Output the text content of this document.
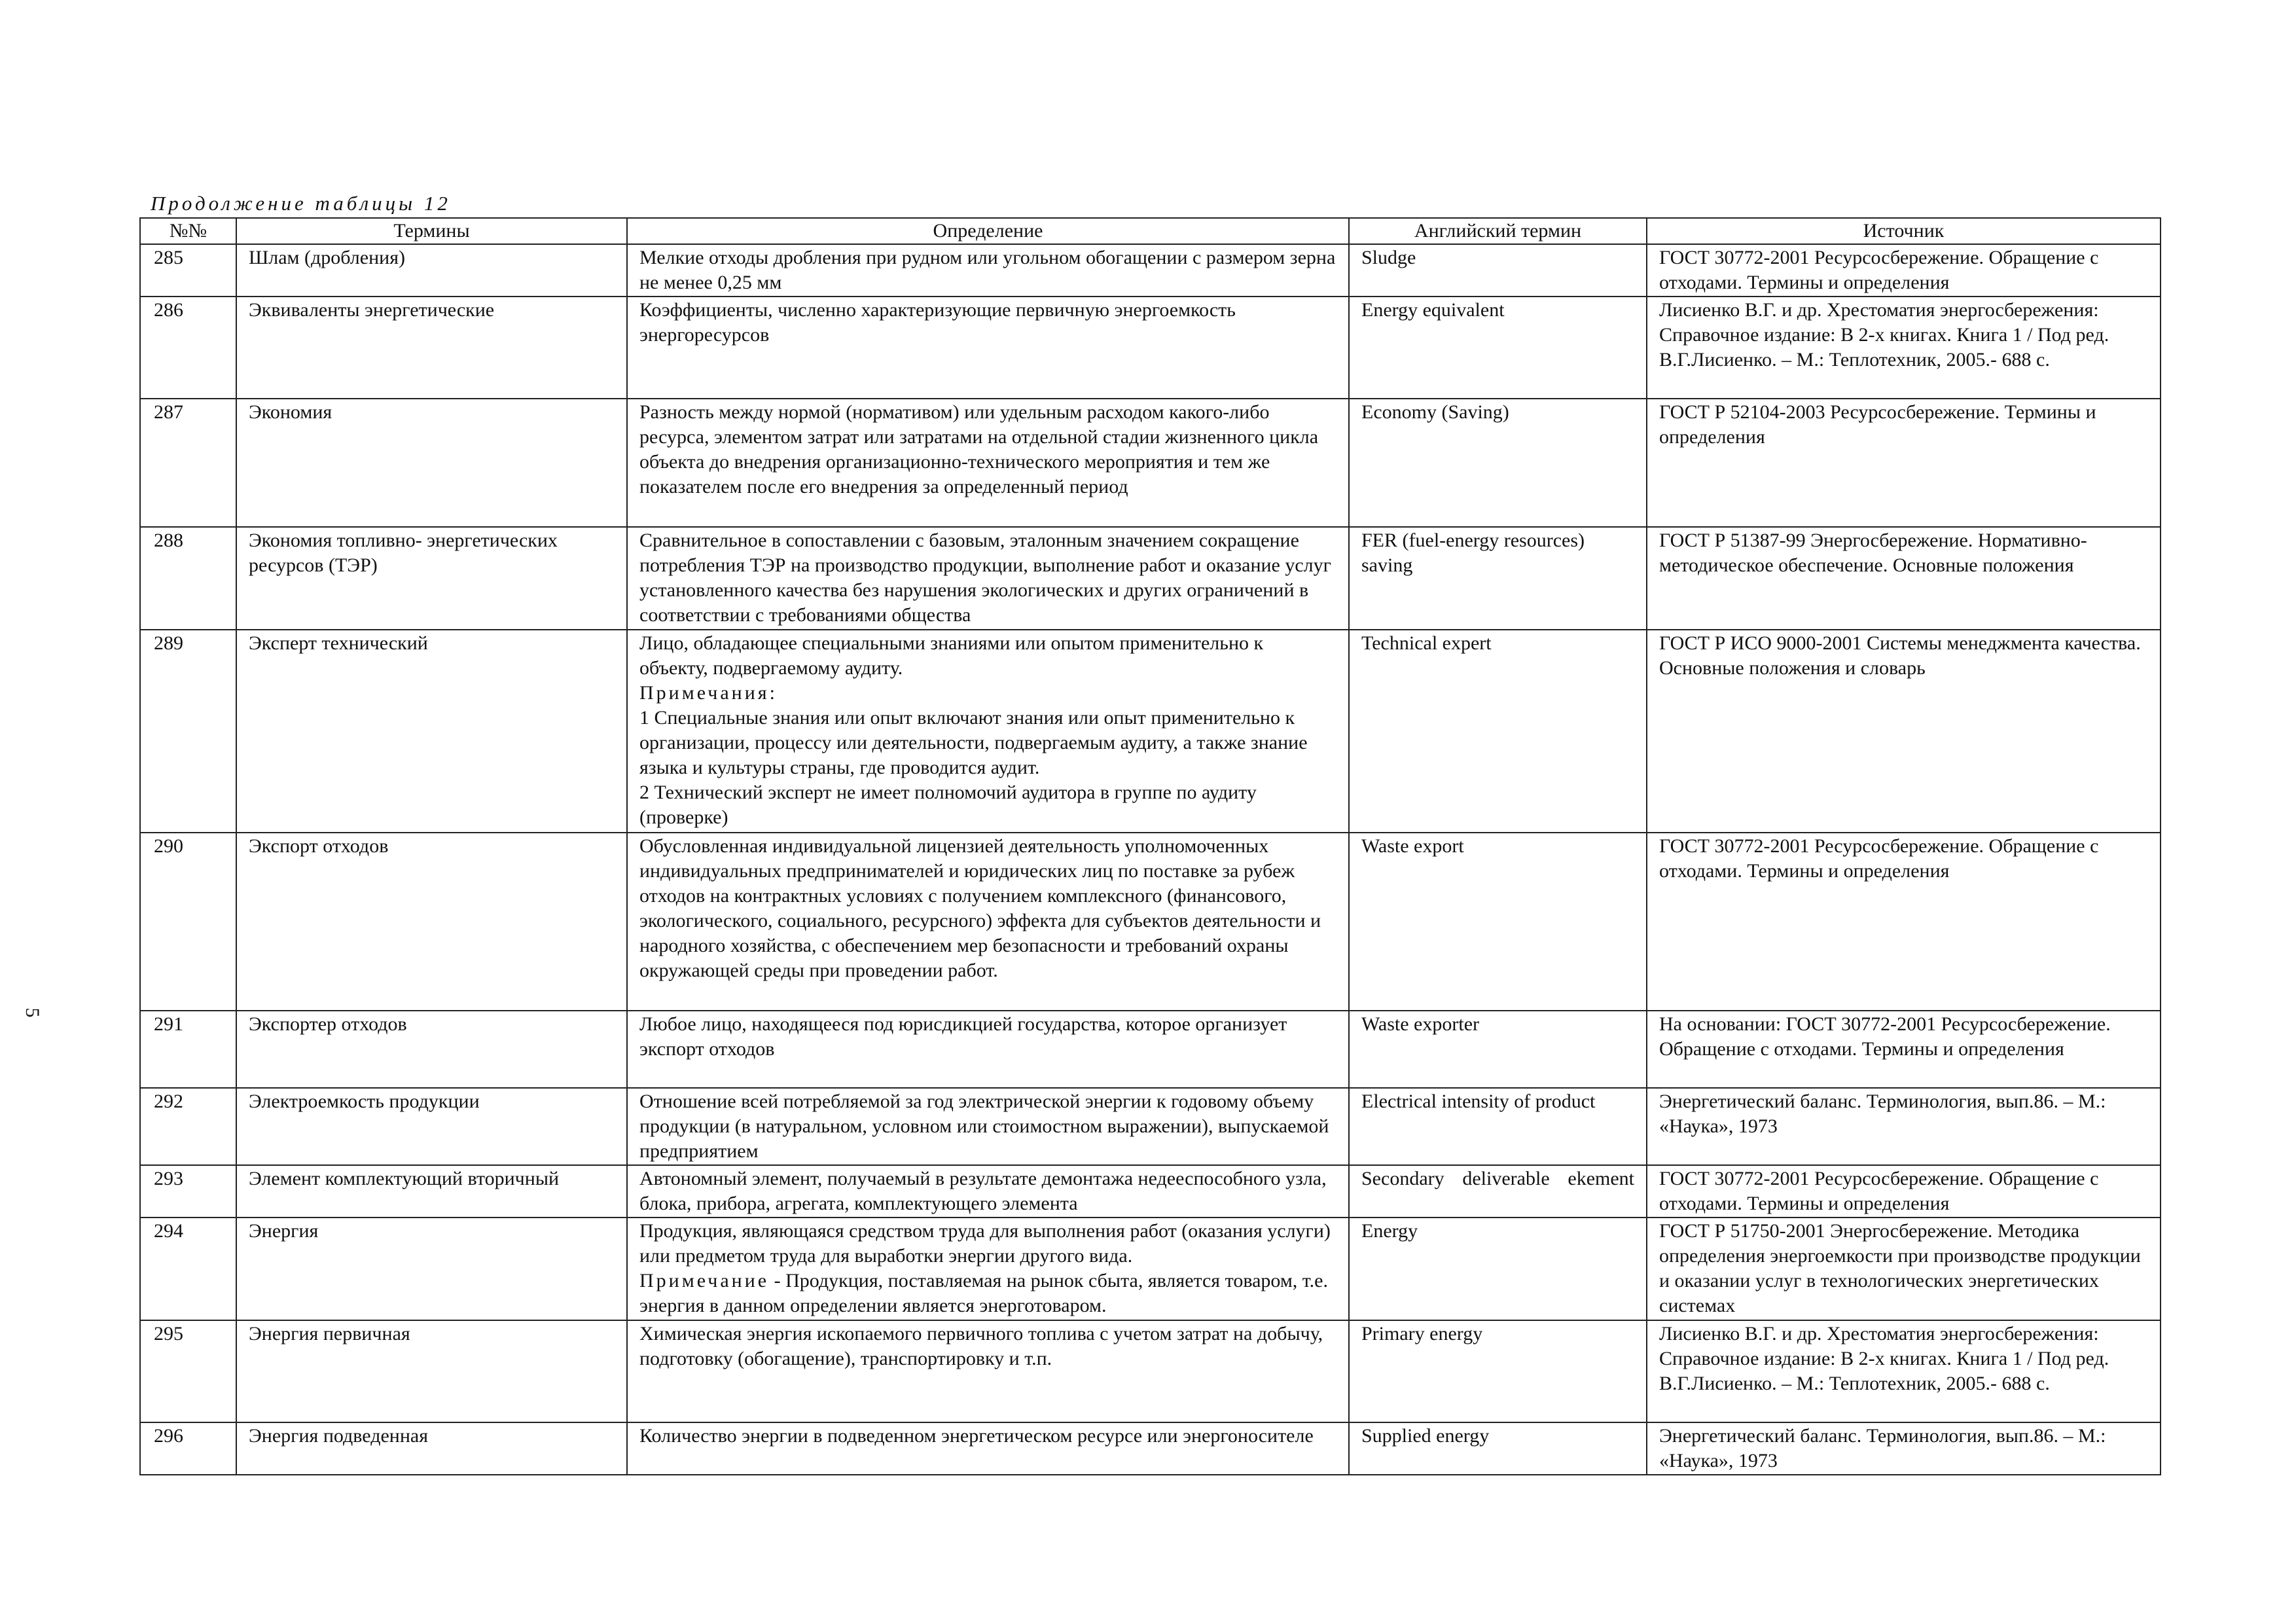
Продолжение таблицы 12
5
№№	Термины	Определение	Английский термин	Источник
285	Шлам (дробления)	Мелкие отходы дробления при рудном или угольном обогащении с размером зерна не менее 0,25 мм	Sludge	ГОСТ 30772-2001 Ресурсосбережение. Обращение с отходами. Термины и определения
286	Эквиваленты энергетические	Коэффициенты, численно характеризующие первичную энергоемкость энергоресурсов	Energy equivalent	Лисиенко В.Г. и др. Хрестоматия энергосбережения: Справочное издание: В 2-х книгах. Книга 1 / Под ред. В.Г.Лисиенко. – М.: Теплотехник, 2005.- 688 с.
287	Экономия	Разность между нормой (нормативом) или удельным расходом какого-либо ресурса, элементом затрат или затратами на отдельной стадии жизненного цикла объекта до внедрения организационно-технического мероприятия и тем же показателем после его внедрения за определенный период	Economy (Saving)	ГОСТ Р 52104-2003 Ресурсосбережение. Термины и определения
288	Экономия топливно- энергетических ресурсов (ТЭР)	Сравнительное в сопоставлении с базовым, эталонным значением сокращение потребления ТЭР на производство продукции, выполнение работ и оказание услуг установленного качества без нарушения экологических и других ограничений в соответствии с требованиями общества	FER (fuel-energy resources) saving	ГОСТ Р 51387-99 Энергосбережение. Нормативно-методическое обеспечение. Основные положения
289	Эксперт технический	Лицо, обладающее специальными знаниями или опытом применительно к объекту, подвергаемому аудиту.
Примечания:
1 Специальные знания или опыт включают знания или опыт применительно к организации, процессу или деятельности, подвергаемым аудиту, а также знание языка и культуры страны, где проводится аудит.
2 Технический эксперт не имеет полномочий аудитора в группе по аудиту (проверке)	Technical expert	ГОСТ Р ИСО 9000-2001 Системы менеджмента качества. Основные положения и словарь
290	Экспорт отходов	Обусловленная индивидуальной лицензией деятельность уполномоченных индивидуальных предпринимателей и юридических лиц по поставке за рубеж отходов на контрактных условиях с получением комплексного (финансового, экологического, социального, ресурсного) эффекта для субъектов деятельности и народного хозяйства, с обеспечением мер безопасности и требований охраны окружающей среды при проведении работ.	Waste export	ГОСТ 30772-2001 Ресурсосбережение. Обращение с отходами. Термины и определения
291	Экспортер отходов	Любое лицо, находящееся под юрисдикцией государства, которое организует экспорт отходов	Waste exporter	На основании: ГОСТ 30772-2001 Ресурсосбережение. Обращение с отходами. Термины и определения
292	Электроемкость продукции	Отношение всей потребляемой за год электрической энергии к годовому объему продукции (в натуральном, условном или стоимостном выражении), выпускаемой предприятием	Electrical intensity of product	Энергетический баланс. Терминология, вып.86. – М.: «Наука», 1973
293	Элемент комплектующий вторичный	Автономный элемент, получаемый в результате демонтажа недееспособного узла, блока, прибора, агрегата, комплектующего элемента	Secondary deliverable ekement	ГОСТ 30772-2001 Ресурсосбережение. Обращение с отходами. Термины и определения
294	Энергия	Продукция, являющаяся средством труда для выполнения работ (оказания услуги) или предметом труда для выработки энергии другого вида.
Примечание - Продукция, поставляемая на рынок сбыта, является товаром, т.е. энергия в данном определении является энерготоваром.	Energy	ГОСТ Р 51750-2001 Энергосбережение. Методика определения энергоемкости при производстве продукции и оказании услуг в технологических энергетических системах
295	Энергия первичная	Химическая энергия ископаемого первичного топлива с учетом затрат на добычу, подготовку (обогащение), транспортировку и т.п.	Primary energy	Лисиенко В.Г. и др. Хрестоматия энергосбережения: Справочное издание: В 2-х книгах. Книга 1 / Под ред. В.Г.Лисиенко. – М.: Теплотехник, 2005.- 688 с.
296	Энергия подведенная	Количество энергии в подведенном энергетическом ресурсе или энергоносителе	Supplied energy	Энергетический баланс. Терминология, вып.86. – М.: «Наука», 1973
